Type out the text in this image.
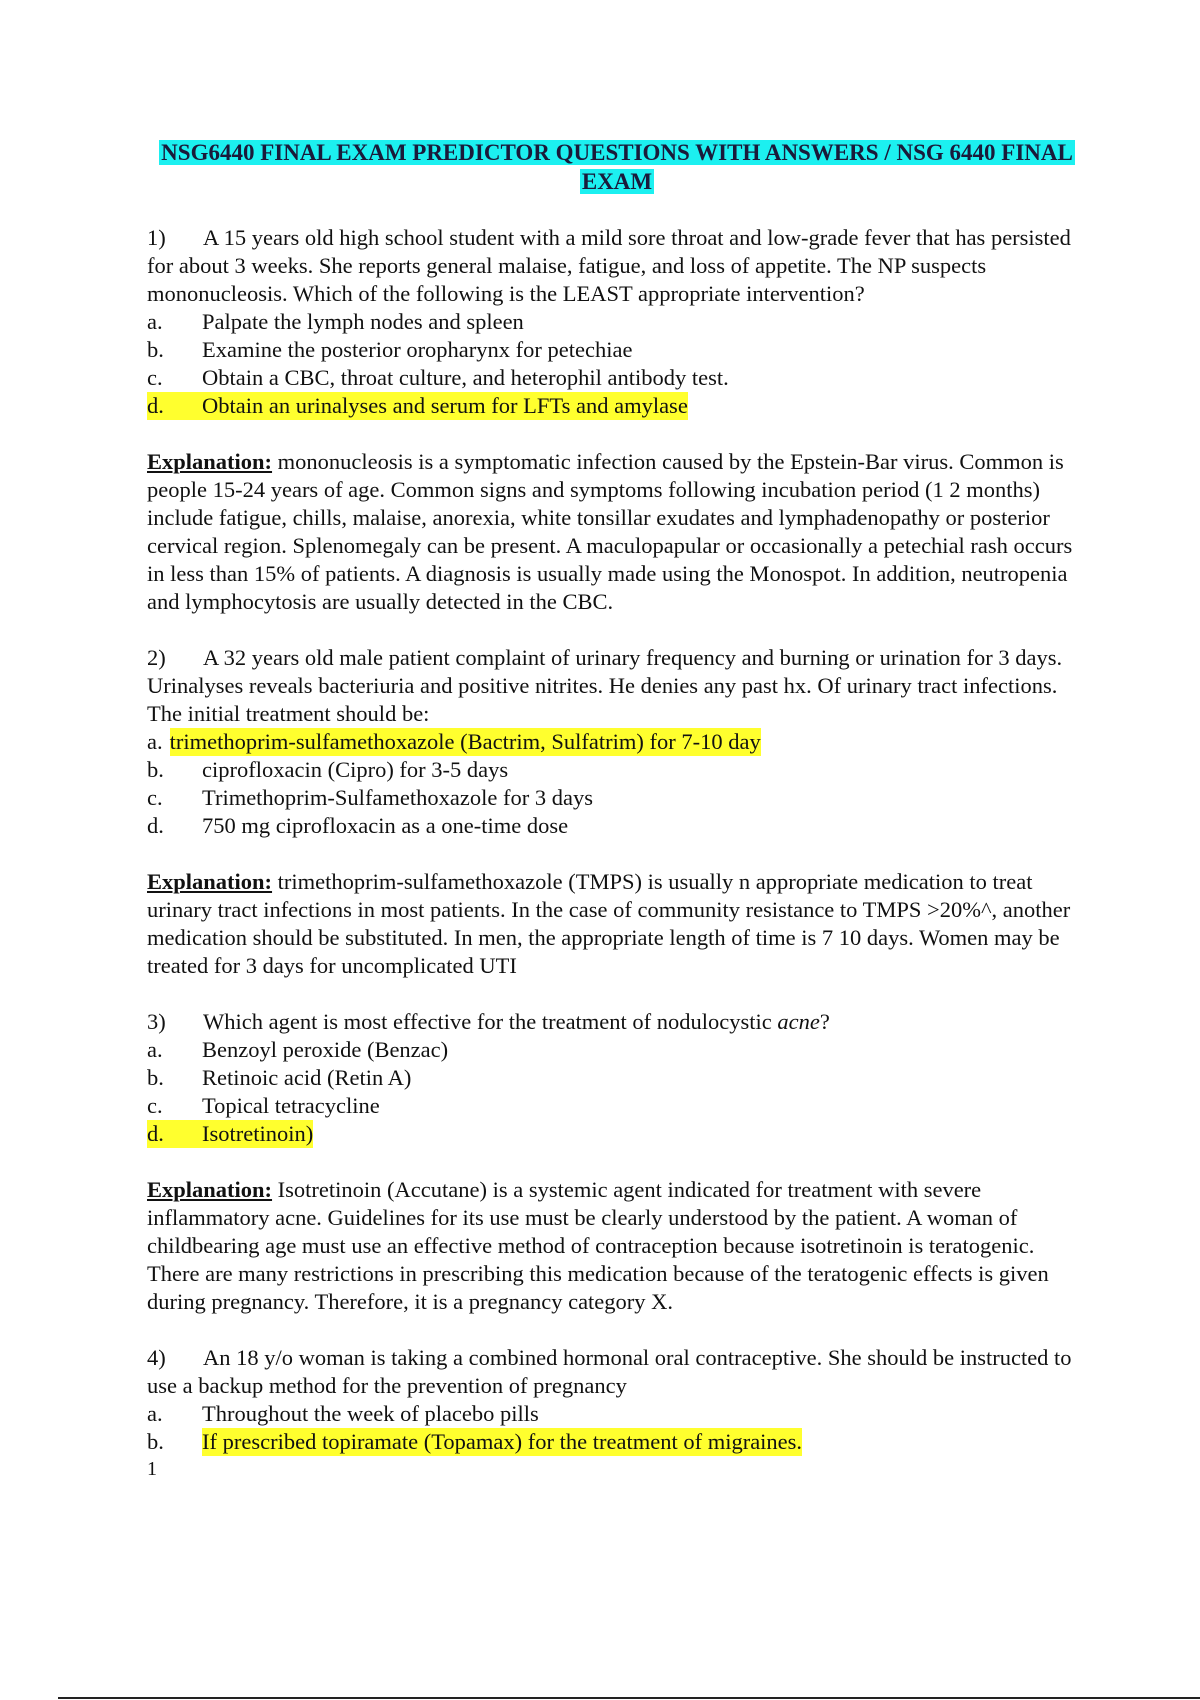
NSG6440 FINAL EXAM PREDICTOR QUESTIONS WITH ANSWERS / NSG 6440 FINAL
EXAM

1) A 15 years old high school student with a mild sore throat and low-grade fever that has persisted for about 3 weeks. She reports general malaise, fatigue, and loss of appetite. The NP suspects mononucleosis. Which of the following is the LEAST appropriate intervention?

a.	Palpate the lymph nodes and spleen

b.	Examine the posterior oropharynx for petechiae

c.	Obtain a CBC, throat culture, and heterophil antibody test.

d.	Obtain an urinalyses and serum for LFTs and amylase

Explanation: mononucleosis is a symptomatic infection caused by the Epstein-Bar virus. Common is people 15-24 years of age. Common signs and symptoms following incubation period (1 2 months) include fatigue, chills, malaise, anorexia, white tonsillar exudates and lymphadenopathy or posterior cervical region. Splenomegaly can be present. A maculopapular or occasionally a petechial rash occurs in less than 15% of patients. A diagnosis is usually made using the Monospot. In addition, neutropenia and lymphocytosis are usually detected in the CBC.

2) A 32 years old male patient complaint of urinary frequency and burning or urination for 3 days. Urinalyses reveals bacteriuria and positive nitrites. He denies any past hx. Of urinary tract infections. The initial treatment should be:

a. trimethoprim-sulfamethoxazole (Bactrim, Sulfatrim) for 7-10 day

b.	ciprofloxacin (Cipro) for 3-5 days

c.	Trimethoprim-Sulfamethoxazole for 3 days

d.	750 mg ciprofloxacin as a one-time dose

Explanation: trimethoprim-sulfamethoxazole (TMPS) is usually n appropriate medication to treat urinary tract infections in most patients. In the case of community resistance to TMPS >20%^, another medication should be substituted. In men, the appropriate length of time is 7 10 days. Women may be treated for 3 days for uncomplicated UTI

3) Which agent is most effective for the treatment of nodulocystic acne?

a.	Benzoyl peroxide (Benzac)

b.	Retinoic acid (Retin A)

c.	Topical tetracycline

d.	Isotretinoin)

Explanation: Isotretinoin (Accutane) is a systemic agent indicated for treatment with severe inflammatory acne. Guidelines for its use must be clearly understood by the patient. A woman of childbearing age must use an effective method of contraception because isotretinoin is teratogenic. There are many restrictions in prescribing this medication because of the teratogenic effects is given during pregnancy. Therefore, it is a pregnancy category X.

4) An 18 y/o woman is taking a combined hormonal oral contraceptive. She should be instructed to use a backup method for the prevention of pregnancy

a.	Throughout the week of placebo pills

b.	If prescribed topiramate (Topamax) for the treatment of migraines.

1
